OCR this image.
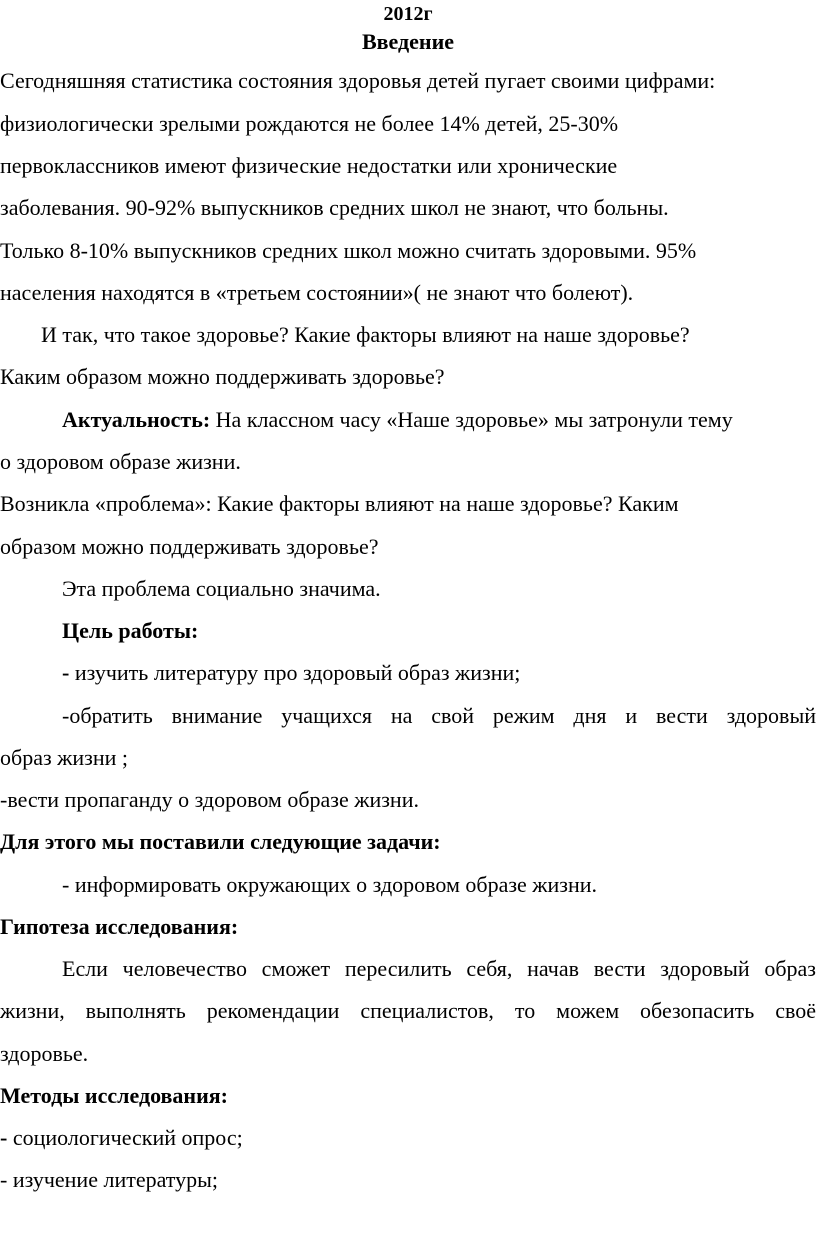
2012г
Введение
Сегодняшняя статистика состояния здоровья детей пугает своими цифрами:
физиологически зрелыми рождаются не более 14% детей, 25-30%
первоклассников имеют физические недостатки или хронические
заболевания. 90-92% выпускников средних школ не знают, что больны.
Только 8-10% выпускников средних школ можно считать здоровыми. 95%
населения находятся в «третьем состоянии»( не знают что болеют).
И так, что такое здоровье? Какие факторы влияют на наше здоровье?
Каким образом можно поддерживать здоровье?
Актуальность: На классном часу «Наше здоровье» мы затронули тему
о здоровом образе жизни.
Возникла «проблема»: Какие факторы влияют на наше здоровье? Каким
образом можно поддерживать здоровье?
Эта проблема социально значима.
Цель работы:
- изучить литературу про здоровый образ жизни;
-обратить внимание учащихся на свой режим дня и вести здоровый
образ жизни ;
-вести пропаганду о здоровом образе жизни.
Для этого мы поставили следующие задачи:
- информировать окружающих о здоровом образе жизни.
Гипотеза исследования:
Если человечество сможет пересилить себя, начав вести здоровый образ
жизни, выполнять рекомендации специалистов, то можем обезопасить своё
здоровье.
Методы исследования:
- социологический опрос;
- изучение литературы;
